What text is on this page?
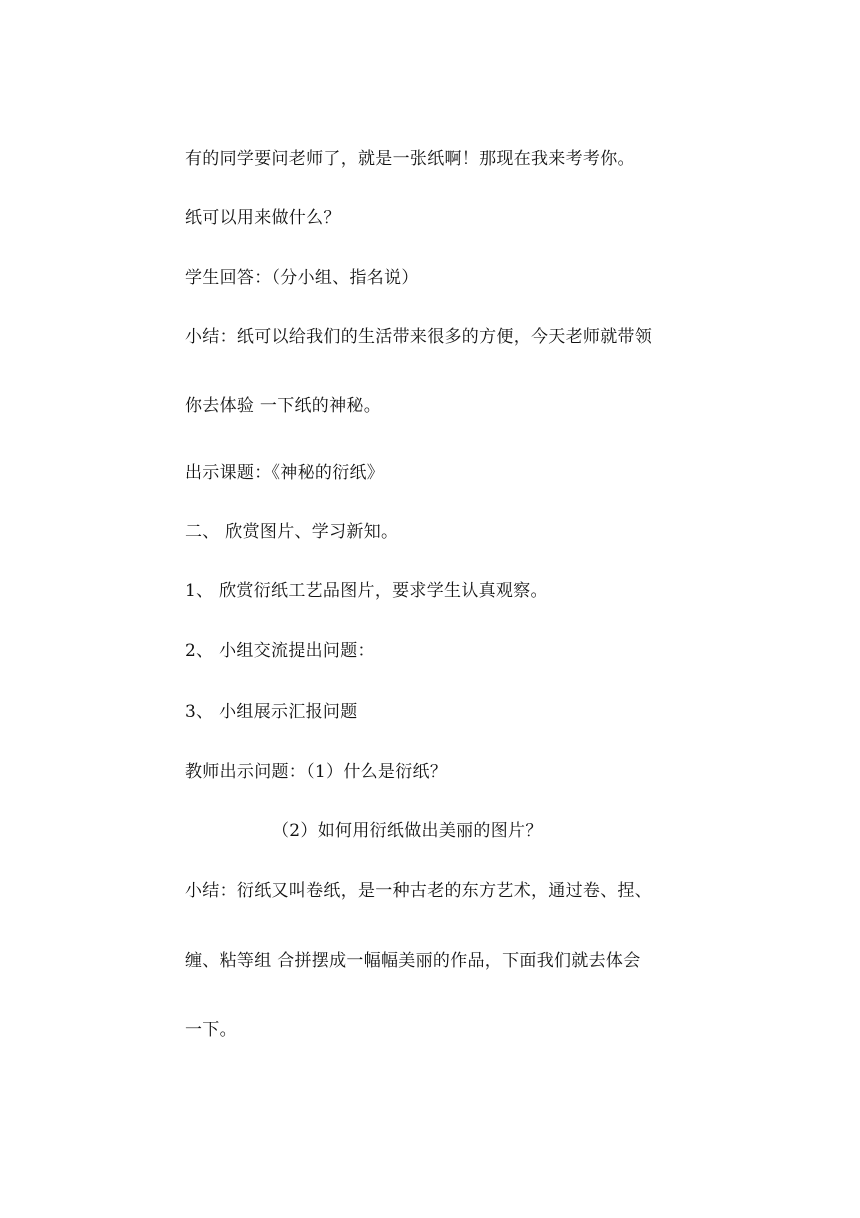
有的同学要问老师了，就是一张纸啊！那现在我来考考你。
纸可以用来做什么？
学生回答：（分小组、指名说）
小结：纸可以给我们的生活带来很多的方便，今天老师就带领
你去体验 一下纸的神秘。
出示课题：《神秘的衍纸》
二、 欣赏图片、学习新知。
1、 欣赏衍纸工艺品图片，要求学生认真观察。
2、 小组交流提出问题：
3、 小组展示汇报问题
教师出示问题：（1）什么是衍纸？
（2）如何用衍纸做出美丽的图片？
小结：衍纸又叫卷纸，是一种古老的东方艺术，通过卷、捏、
缠、粘等组 合拼摆成一幅幅美丽的作品，下面我们就去体会
一下。
